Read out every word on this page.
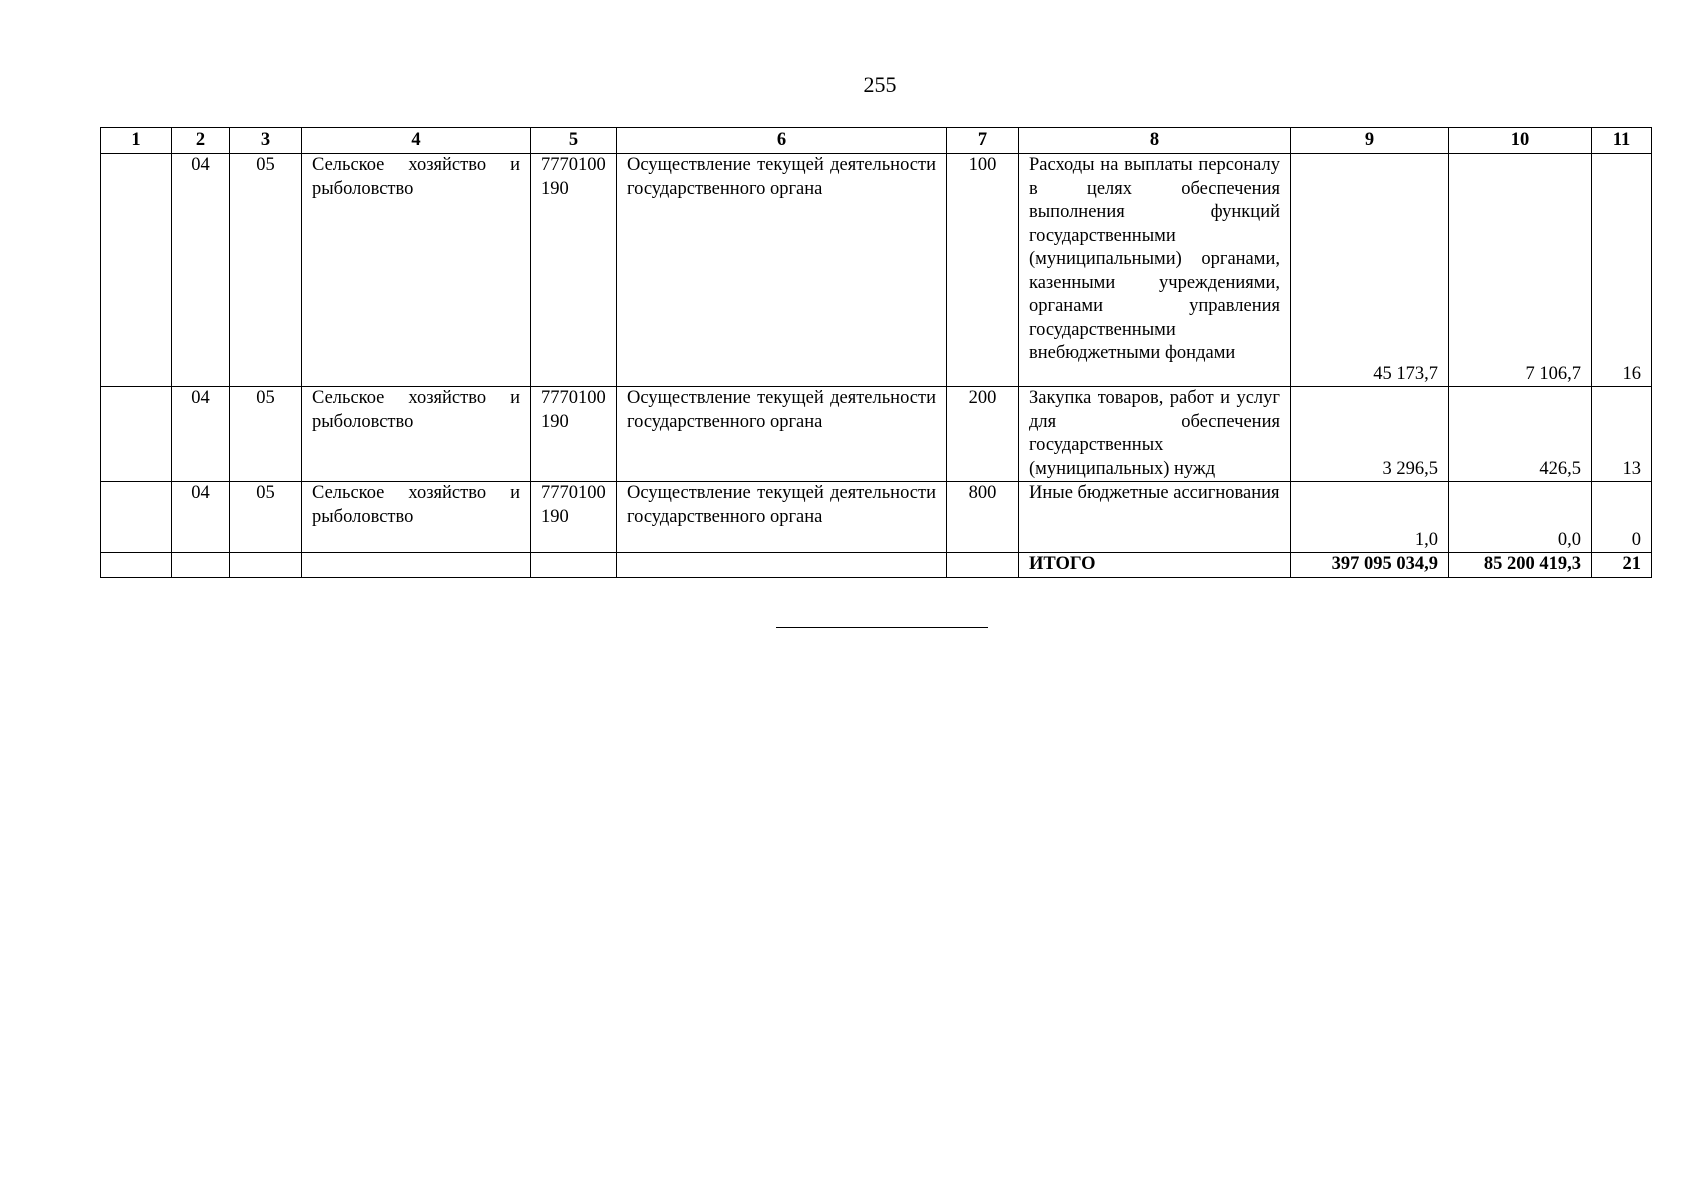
255
1	2	3	4	5	6	7	8	9	10	11
	04	05	Сельское хозяйство и рыболовство	7770100190	Осуществление текущей деятельности государственного органа	100	Расходы на выплаты персоналу в целях обеспечения выполнения функций государственными (муниципальными) органами, казенными учреждениями, органами управления государственными внебюджетными фондами	45 173,7	7 106,7	16
	04	05	Сельское хозяйство и рыболовство	7770100190	Осуществление текущей деятельности государственного органа	200	Закупка товаров, работ и услуг для обеспечения государственных (муниципальных) нужд	3 296,5	426,5	13
	04	05	Сельское хозяйство и рыболовство	7770100190	Осуществление текущей деятельности государственного органа	800	Иные бюджетные ассигнования	1,0	0,0	0
							ИТОГО	397 095 034,9	85 200 419,3	21
